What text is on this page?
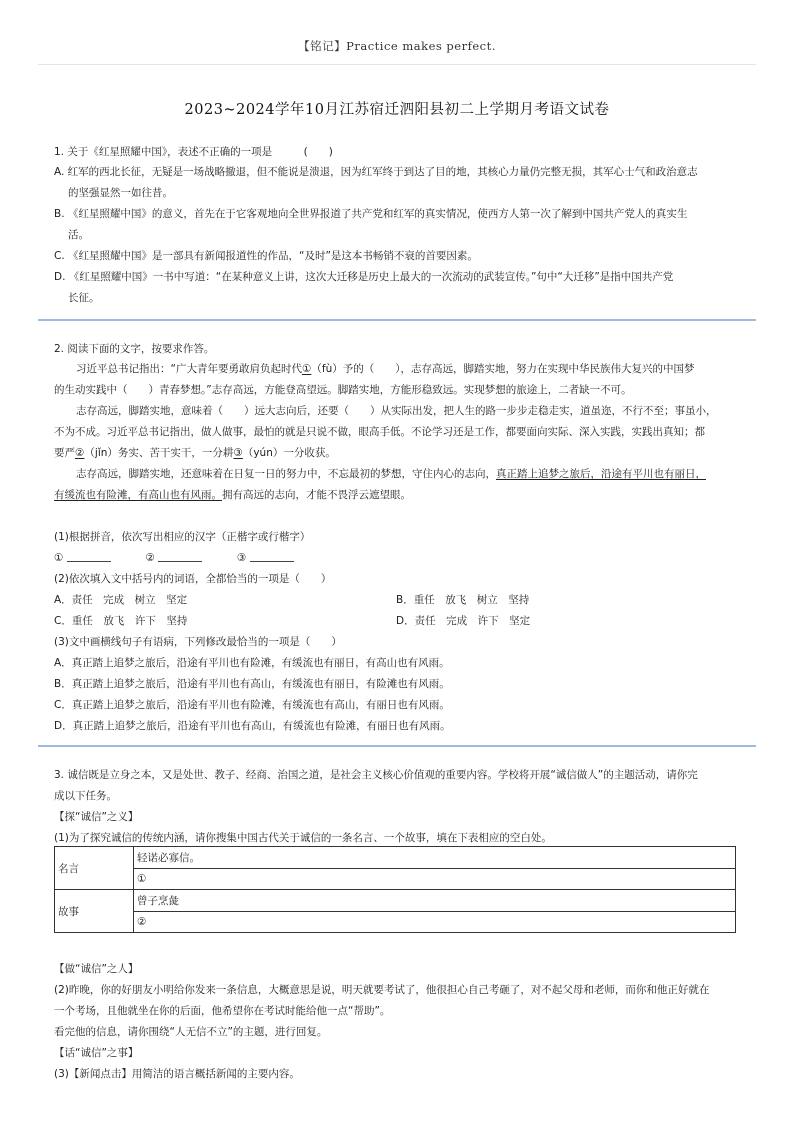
【铭记】Practice makes perfect.
2023~2024学年10月江苏宿迁泗阳县初二上学期月考语文试卷
1. 关于《红星照耀中国》，表述不正确的一项是　　　(　　)
A. 红军的西北长征，无疑是一场战略撤退，但不能说是溃退，因为红军终于到达了目的地，其核心力量仍完整无损，其军心士气和政治意志
的坚强显然一如往昔。
B. 《红星照耀中国》的意义，首先在于它客观地向全世界报道了共产党和红军的真实情况，使西方人第一次了解到中国共产党人的真实生
活。
C. 《红星照耀中国》是一部具有新闻报道性的作品，“及时”是这本书畅销不衰的首要因素。
D. 《红星照耀中国》一书中写道：“在某种意义上讲，这次大迁移是历史上最大的一次流动的武装宣传。”句中“大迁移”是指中国共产党
长征。
2. 阅读下面的文字，按要求作答。
习近平总书记指出：“广大青年要勇敢肩负起时代①（fù）予的（　　），志存高远，脚踏实地，努力在实现中华民族伟大复兴的中国梦
的生动实践中（　　）青春梦想。”志存高远，方能登高望远。脚踏实地，方能形稳致远。实现梦想的旅途上，二者缺一不可。
志存高远，脚踏实地，意味着（　　）远大志向后，还要（　　）从实际出发，把人生的路一步步走稳走实，道虽迩，不行不至；事虽小，
不为不成。习近平总书记指出，做人做事，最怕的就是只说不做，眼高手低。不论学习还是工作，都要面向实际、深入实践，实践出真知；都
要严②（jǐn）务实、苦干实干，一分耕③（yún）一分收获。
志存高远，脚踏实地，还意味着在日复一日的努力中，不忘最初的梦想，守住内心的志向，真正踏上追梦之旅后，沿途有平川也有丽日，
有缓流也有险滩，有高山也有风雨。拥有高远的志向，才能不畏浮云遮望眼。
(1)根据拼音，依次写出相应的汉字（正楷字或行楷字）
①	②	③
(2)依次填入文中括号内的词语，全都恰当的一项是（　　）
A．责任　完成　树立　坚定	B．重任　放飞　树立　坚持
C．重任　放飞　许下　坚持	D．责任　完成　许下　坚定
(3)文中画横线句子有语病，下列修改最恰当的一项是（　　）
A．真正踏上追梦之旅后，沿途有平川也有险滩，有缓流也有丽日，有高山也有风雨。
B．真正踏上追梦之旅后，沿途有平川也有高山，有缓流也有丽日，有险滩也有风雨。
C．真正踏上追梦之旅后，沿途有平川也有险滩，有缓流也有高山，有丽日也有风雨。
D．真正踏上追梦之旅后，沿途有平川也有高山，有缓流也有险滩，有丽日也有风雨。
3. 诚信既是立身之本，又是处世、教子、经商、治国之道，是社会主义核心价值观的重要内容。学校将开展“诚信做人”的主题活动，请你完
成以下任务。
【探“诚信”之义】
(1)为了探究诚信的传统内涵，请你搜集中国古代关于诚信的一条名言、一个故事，填在下表相应的空白处。
名言	轻诺必寡信。
	①
故事	曾子烹彘
	②
【做“诚信”之人】
(2)昨晚，你的好朋友小明给你发来一条信息，大概意思是说，明天就要考试了，他很担心自己考砸了，对不起父母和老师，而你和他正好就在
一个考场，且他就坐在你的后面，他希望你在考试时能给他一点“帮助”。
看完他的信息，请你围绕“人无信不立”的主题，进行回复。
【话“诚信”之事】
(3)【新闻点击】用简洁的语言概括新闻的主要内容。
